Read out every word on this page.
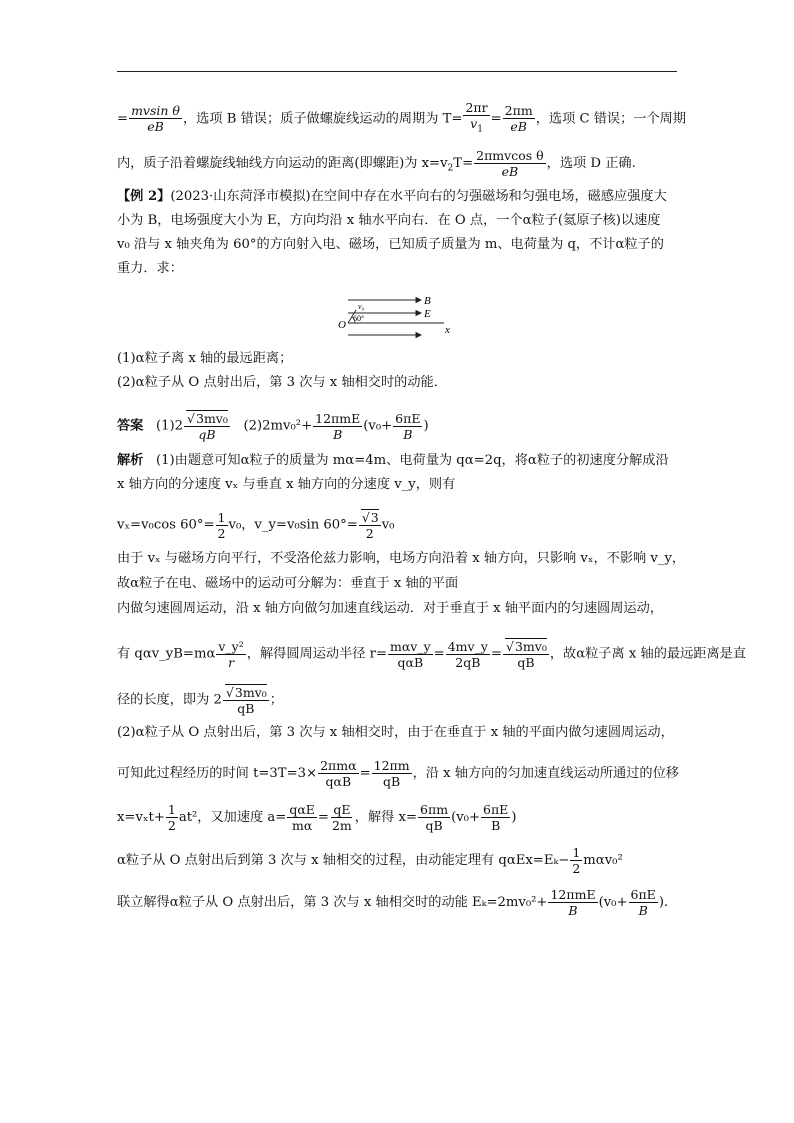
= $\frac{\text{mvsin θ}}{eB}$ ，选项 B 错误；质子做螺旋线运动的周期为 $T= \frac{2\pi r}{v_1} = \frac{2\pi m}{eB}$ ，选项 C 错误；一个周期
内，质子沿着螺旋线轴线方向运动的距离(即螺距)为 $x=v_2T=$
2πmvcos θ
eB
，选项 D 正确.
【例 2】(2023·山东菏泽市模拟)在空间中存在水平向右的匀强磁场和匀强电场，磁感应强度大
小为 B，电场强度大小为 E，方向均沿 x 轴水平向右．在 O 点，一个α粒子(氦原子核)以速度
v₀ 沿与 x 轴夹角为 60°的方向射入电、磁场，已知质子质量为 m、电荷量为 q，不计α粒子的
重力．求：
B
E
x
O
v₀
60°
(1)α粒子离 x 轴的最远距离；
(2)α粒子从 O 点射出后，第 3 次与 x 轴相交时的动能．
答案 (1)2 √ $\frac{\text{3mv₀}}{qB} (2)2mv_0^2+$
12πmE
B
($v_0+ \frac{6\pi E}{B}$ )
解析 (1)由题意可知α粒子的质量为 mα=4m、电荷量为 qα=2q，将α粒子的初速度分解成沿
x 轴方向的分速度 vₓ 与垂直 x 轴方向的分速度 v_y，则有
vₓ=v₀cos $60^\circ= \frac{1}{2} v_0$，v_y=v₀sin 60°= √ $\frac{3}{2} v_0$
由于 vₓ 与磁场方向平行，不受洛伦兹力影响，电场方向沿着 x 轴方向，只影响 vₓ，不影响 v_y，
故α粒子在电、磁场中的运动可分解为：垂直于 x 轴的平面
内做匀速圆周运动，沿 x 轴方向做匀加速直线运动．对于垂直于 x 轴平面内的匀速圆周运动，
有 qαv_yB=mα $\frac{\text{v\_y²}}{r}$ ，解得圆周运动半径 r=
mαv_y
qαB
= $\frac{4mv\_y}{2qB}$ = √ $\frac{\text{3mv₀}}{qB}$ ，故α粒子离 x 轴的最远距离是直
径的长度，即为 2 √ $\frac{\text{3mv₀}}{qB}$ ；
(2)α粒子从 O 点射出后，第 3 次与 x 轴相交时，由于在垂直于 x 轴的平面内做匀速圆周运动，
可知此过程经历的时间 t=3T=3×
2πmα
qαB
= $\frac{12\pi m}{qB}$ ，沿 x 轴方向的匀加速直线运动所通过的位移
$x=v_xt+ \frac{1}{2} at^2$，又加速度 a=
qαE
mα
= $\frac{qE}{2m}$ ，解得 $x= \frac{6\pi m}{qB} (v_0+ \frac{6\pi E}{B}$ )
α粒子从 O 点射出后到第 3 次与 x 轴相交的过程，由动能定理有 $q\alpha Ex=E_k- \frac{1}{2} m\alpha v_0^2$
联立解得α粒子从 O 点射出后，第 3 次与 x 轴相交时的动能 Eₖ=2mv₀²+
12πmE
B
($v_0+ \frac{6\pi E}{B}$ ).
